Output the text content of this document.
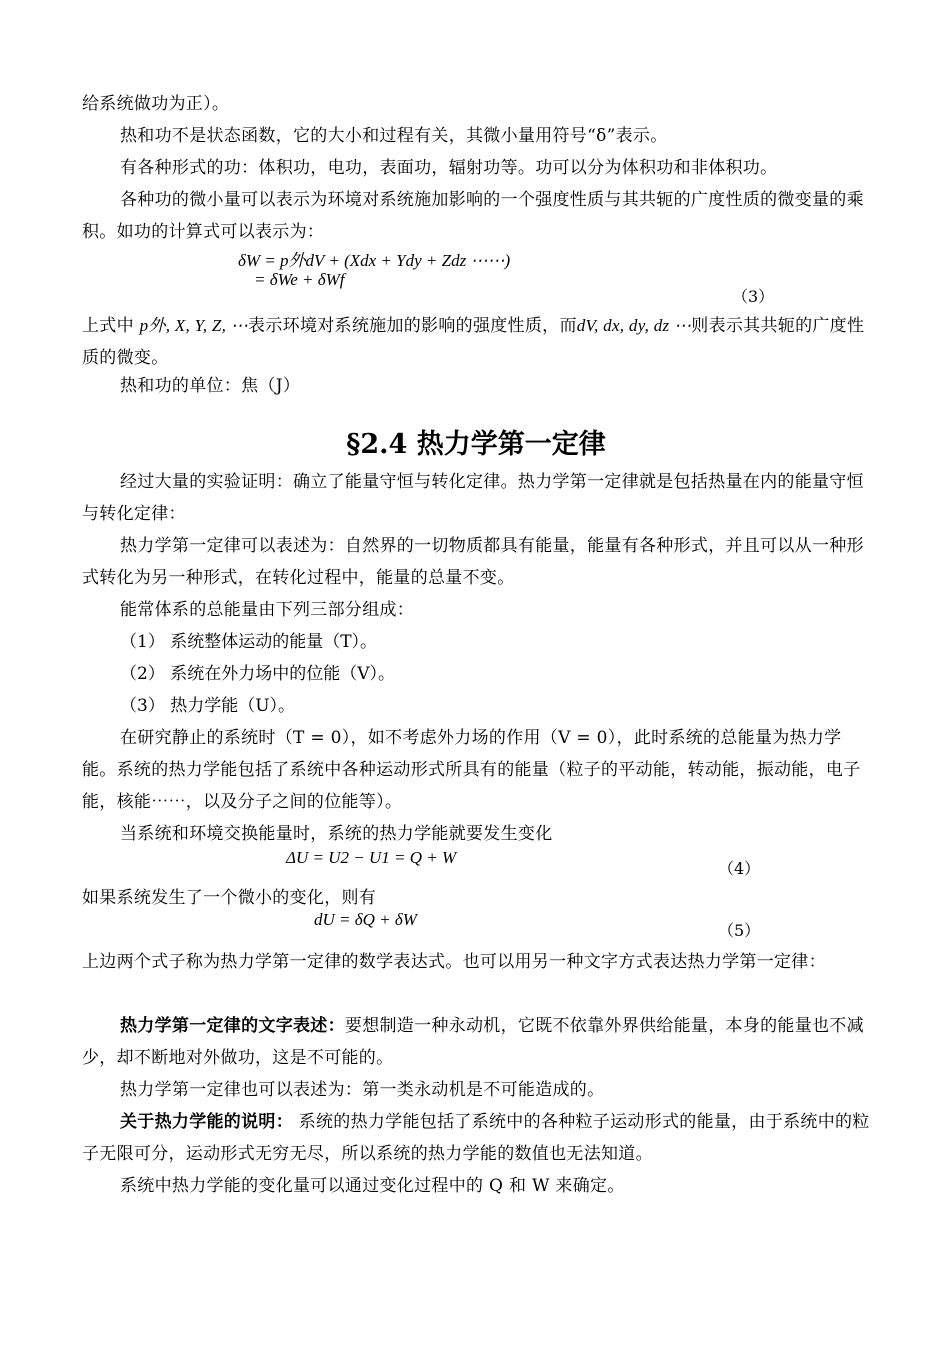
给系统做功为正）。

热和功不是状态函数，它的大小和过程有关，其微小量用符号“δ”表示。

有各种形式的功：体积功，电功，表面功，辐射功等。功可以分为体积功和非体积功。

各种功的微小量可以表示为环境对系统施加影响的一个强度性质与其共轭的广度性质的微变量的乘积。如功的计算式可以表示为：

δW = p外dV + (Xdx + Ydy + Zdz ⋯⋯)
= δWe + δWf
（3）

上式中 p外, X, Y, Z, ⋯表示环境对系统施加的影响的强度性质，而dV, dx, dy, dz ⋯则表示其共轭的广度性质的微变。

热和功的单位：焦（J）

§2.4 热力学第一定律

经过大量的实验证明：确立了能量守恒与转化定律。热力学第一定律就是包括热量在内的能量守恒与转化定律：

热力学第一定律可以表述为：自然界的一切物质都具有能量，能量有各种形式，并且可以从一种形式转化为另一种形式，在转化过程中，能量的总量不变。

能常体系的总能量由下列三部分组成：

（1） 系统整体运动的能量（T）。
（2） 系统在外力场中的位能（V）。
（3） 热力学能（U）。

在研究静止的系统时（T = 0），如不考虑外力场的作用（V = 0），此时系统的总能量为热力学能。系统的热力学能包括了系统中各种运动形式所具有的能量（粒子的平动能，转动能，振动能，电子能，核能⋯⋯，以及分子之间的位能等）。

当系统和环境交换能量时，系统的热力学能就要发生变化

ΔU = U2 − U1 = Q + W
（4）

如果系统发生了一个微小的变化，则有

dU = δQ + δW
（5）

上边两个式子称为热力学第一定律的数学表达式。也可以用另一种文字方式表达热力学第一定律：

热力学第一定律的文字表述：要想制造一种永动机，它既不依靠外界供给能量，本身的能量也不减少，却不断地对外做功，这是不可能的。

热力学第一定律也可以表述为：第一类永动机是不可能造成的。

关于热力学能的说明： 系统的热力学能包括了系统中的各种粒子运动形式的能量，由于系统中的粒子无限可分，运动形式无穷无尽，所以系统的热力学能的数值也无法知道。

系统中热力学能的变化量可以通过变化过程中的 Q 和 W 来确定。
